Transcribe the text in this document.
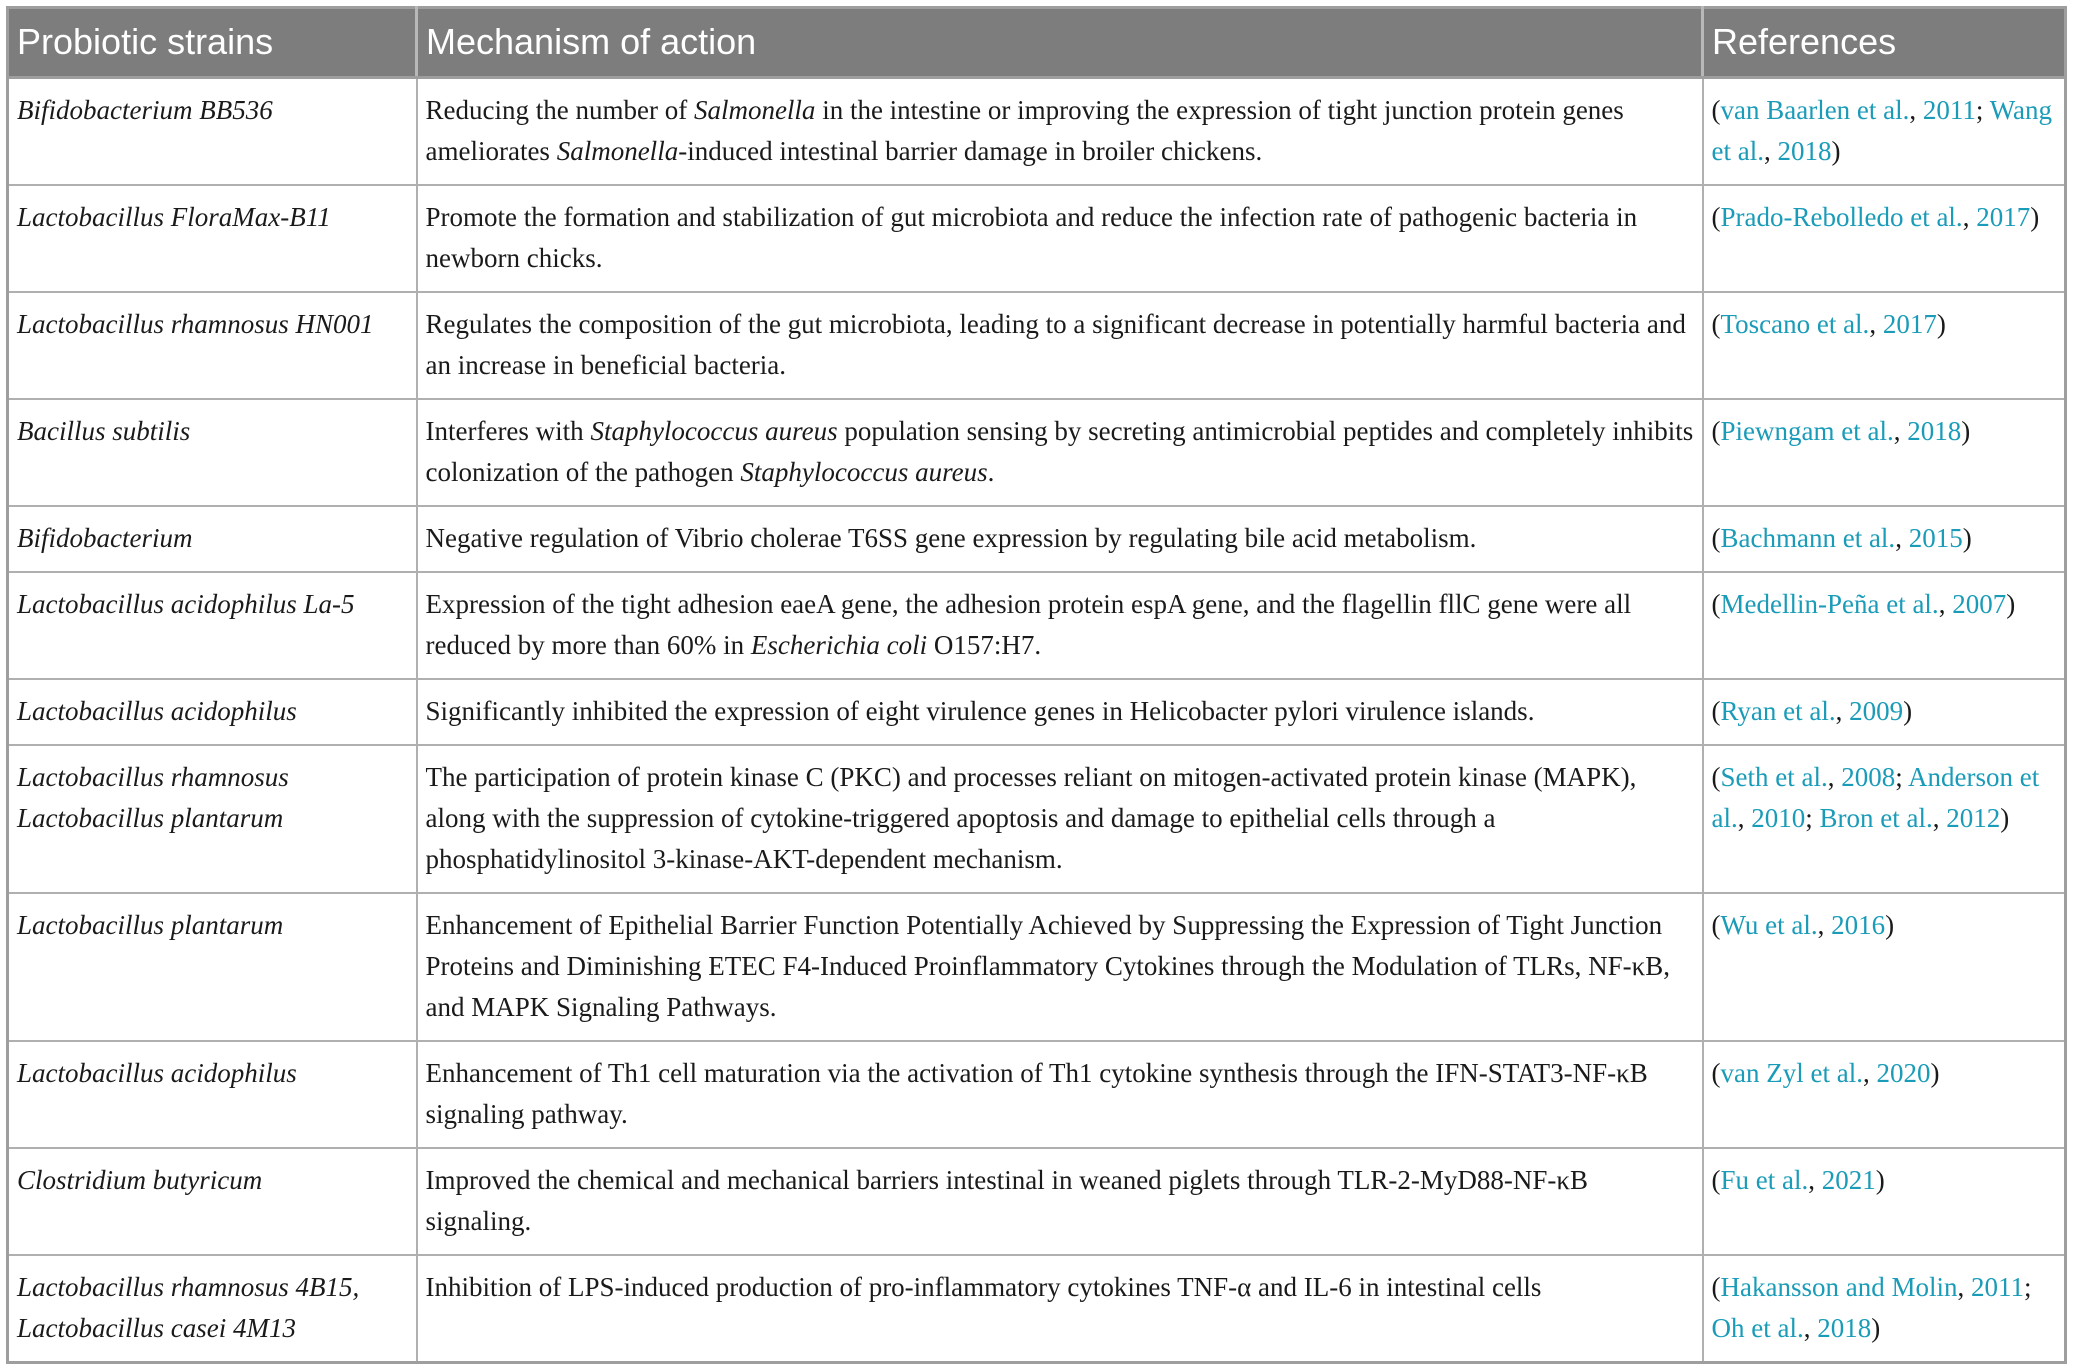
Probiotic strains	Mechanism of action	References

Bifidobacterium BB536	Reducing the number of Salmonella in the intestine or improving the expression of tight junction protein genes ameliorates Salmonella-induced intestinal barrier damage in broiler chickens.	(van Baarlen et al., 2011; Wang et al., 2018)

Lactobacillus FloraMax-B11	Promote the formation and stabilization of gut microbiota and reduce the infection rate of pathogenic bacteria in newborn chicks.	(Prado-Rebolledo et al., 2017)

Lactobacillus rhamnosus HN001	Regulates the composition of the gut microbiota, leading to a significant decrease in potentially harmful bacteria and an increase in beneficial bacteria.	(Toscano et al., 2017)

Bacillus subtilis	Interferes with Staphylococcus aureus population sensing by secreting antimicrobial peptides and completely inhibits colonization of the pathogen Staphylococcus aureus.	(Piewngam et al., 2018)

Bifidobacterium	Negative regulation of Vibrio cholerae T6SS gene expression by regulating bile acid metabolism.	(Bachmann et al., 2015)

Lactobacillus acidophilus La-5	Expression of the tight adhesion eaeA gene, the adhesion protein espA gene, and the flagellin fllC gene were all reduced by more than 60% in Escherichia coli O157:H7.	(Medellin-Peña et al., 2007)

Lactobacillus acidophilus	Significantly inhibited the expression of eight virulence genes in Helicobacter pylori virulence islands.	(Ryan et al., 2009)

Lactobacillus rhamnosus
Lactobacillus plantarum	The participation of protein kinase C (PKC) and processes reliant on mitogen-activated protein kinase (MAPK), along with the suppression of cytokine-triggered apoptosis and damage to epithelial cells through a phosphatidylinositol 3-kinase-AKT-dependent mechanism.	(Seth et al., 2008; Anderson et al., 2010; Bron et al., 2012)

Lactobacillus plantarum	Enhancement of Epithelial Barrier Function Potentially Achieved by Suppressing the Expression of Tight Junction Proteins and Diminishing ETEC F4-Induced Proinflammatory Cytokines through the Modulation of TLRs, NF-κB, and MAPK Signaling Pathways.	(Wu et al., 2016)

Lactobacillus acidophilus	Enhancement of Th1 cell maturation via the activation of Th1 cytokine synthesis through the IFN-STAT3-NF-κB signaling pathway.	(van Zyl et al., 2020)

Clostridium butyricum	Improved the chemical and mechanical barriers intestinal in weaned piglets through TLR-2-MyD88-NF-κB signaling.	(Fu et al., 2021)

Lactobacillus rhamnosus 4B15,
Lactobacillus casei 4M13	Inhibition of LPS-induced production of pro-inflammatory cytokines TNF-α and IL-6 in intestinal cells	(Hakansson and Molin, 2011; Oh et al., 2018)
